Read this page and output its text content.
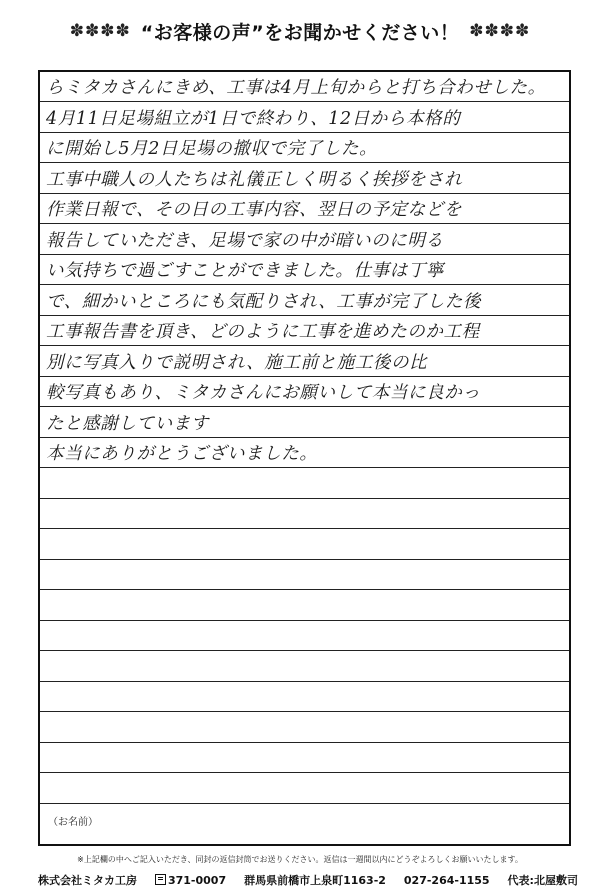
✽✽✽✽ “お客様の声”をお聞かせください！ ✽✽✽✽
らミタカさんにきめ、工事は4月上旬からと打ち合わせした。
4月11日足場組立が1日で終わり、12日から本格的
に開始し5月2日足場の撤収で完了した。
工事中職人の人たちは礼儀正しく明るく挨拶をされ
作業日報で、その日の工事内容、翌日の予定などを
報告していただき、足場で家の中が暗いのに明る
い気持ちで過ごすことができました。仕事は丁寧
で、細かいところにも気配りされ、工事が完了した後
工事報告書を頂き、どのように工事を進めたのか工程
別に写真入りで説明され、施工前と施工後の比
較写真もあり、ミタカさんにお願いして本当に良かっ
たと感謝しています
本当にありがとうございました。
（お名前）
※上記欄の中へご記入いただき、同封の返信封筒でお送りください。返信は一週間以内にどうぞよろしくお願いいたします。
株式会社ミタカ工房	371-0007 群馬県前橋市上泉町1163-2 027-264-1155 代表:北屋敷司
